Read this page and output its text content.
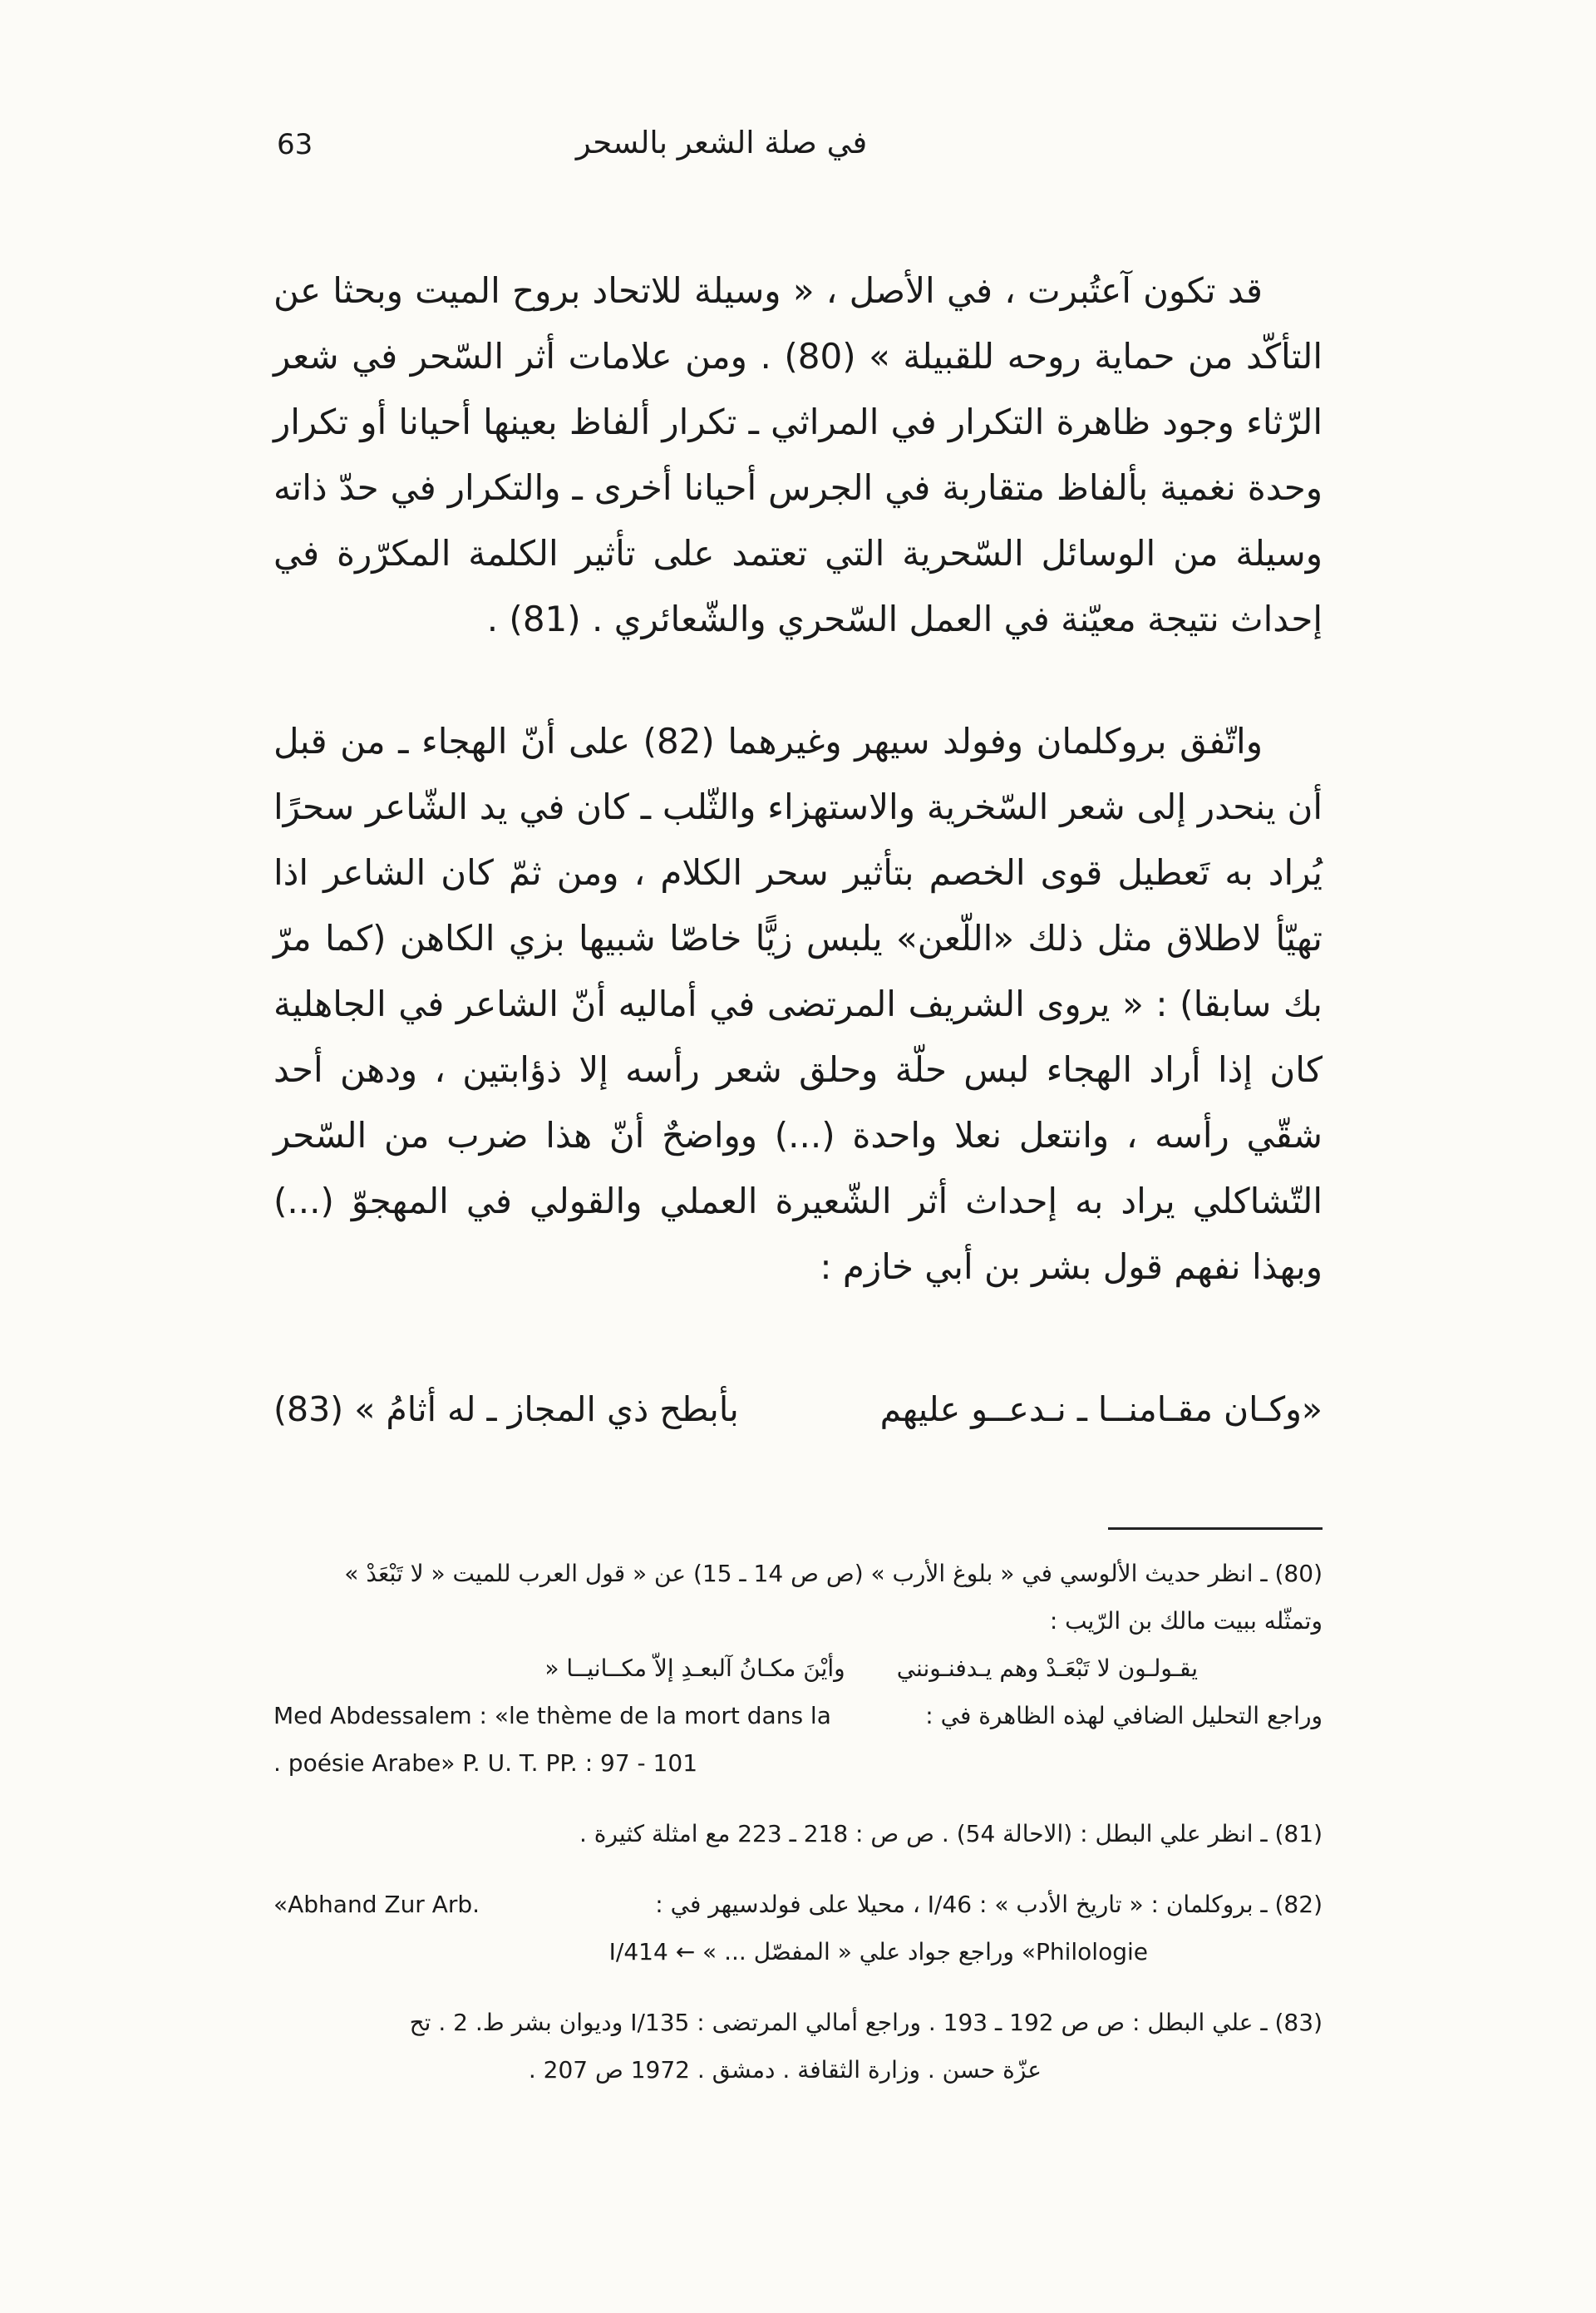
63	في صلة الشعر بالسحر

قد تكون آعتُبرت ، في الأصل ، « وسيلة للاتحاد بروح الميت وبحثا عن التأكّد من حماية روحه للقبيلة » (80) . ومن علامات أثر السّحر في شعر الرّثاء وجود ظاهرة التكرار في المراثي ـ تكرار ألفاظ بعينها أحيانا أو تكرار وحدة نغمية بألفاظ متقاربة في الجرس أحيانا أخرى ـ والتكرار في حدّ ذاته وسيلة من الوسائل السّحرية التي تعتمد على تأثير الكلمة المكرّرة في إحداث نتيجة معيّنة في العمل السّحري والشّعائري . (81) .

واتّفق بروكلمان وفولد سيهر وغيرهما (82) على أنّ الهجاء ـ من قبل أن ينحدر إلى شعر السّخرية والاستهزاء والثّلب ـ كان في يد الشّاعر سحرًا يُراد به تَعطيل قوى الخصم بتأثير سحر الكلام ، ومن ثمّ كان الشاعر اذا تهيّأ لاطلاق مثل ذلك «اللّعن» يلبس زيًّا خاصّا شبيها بزي الكاهن (كما مرّ بك سابقا) : « يروى الشريف المرتضى في أماليه أنّ الشاعر في الجاهلية كان إذا أراد الهجاء لبس حلّة وحلق شعر رأسه إلا ذؤابتين ، ودهن أحد شقّي رأسه ، وانتعل نعلا واحدة (...) وواضحٌ أنّ هذا ضرب من السّحر التّشاكلي يراد به إحداث أثر الشّعيرة العملي والقولي في المهجوّ (...) وبهذا نفهم قول بشر بن أبي خازم :

«وكـان مقـامنــا ـ نـدعــو عليهم
بأبطح ذي المجاز ـ له أثامُ » (83)
(80) ـ انظر حديث الألوسي في « بلوغ الأرب » (ص ص 14 ـ 15) عن « قول العرب للميت « لا تَبْعَدْ »
وتمثّله ببيت مالك بن الرّيب :
يقـولـون لا تَبْعَـدْ وهم يـدفنـونني
وأيْنَ مكـانُ آلبعـدِ إلاّ مكــانيــا «
وراجع التحليل الضافي لهذه الظاهرة في :
Med Abdessalem : «le thème de la mort dans la
. poésie Arabe» P. U. T. PP. : 97 - 101
(81) ـ انظر علي البطل : (الاحالة 54) . ص ص : 218 ـ 223 مع امثلة كثيرة .
(82) ـ بروكلمان : « تاريخ الأدب » : 46/I ، محيلا على فولدسيهر في :
«Abhand Zur Arb.
Philologie» وراجع جواد علي « المفصّل ... » ← 414/I
(83) ـ علي البطل : ص ص 192 ـ 193 . وراجع أمالي المرتضى : 135/I وديوان بشر ط. 2 . تح
عزّة حسن . وزارة الثقافة . دمشق . 1972 ص 207 .
